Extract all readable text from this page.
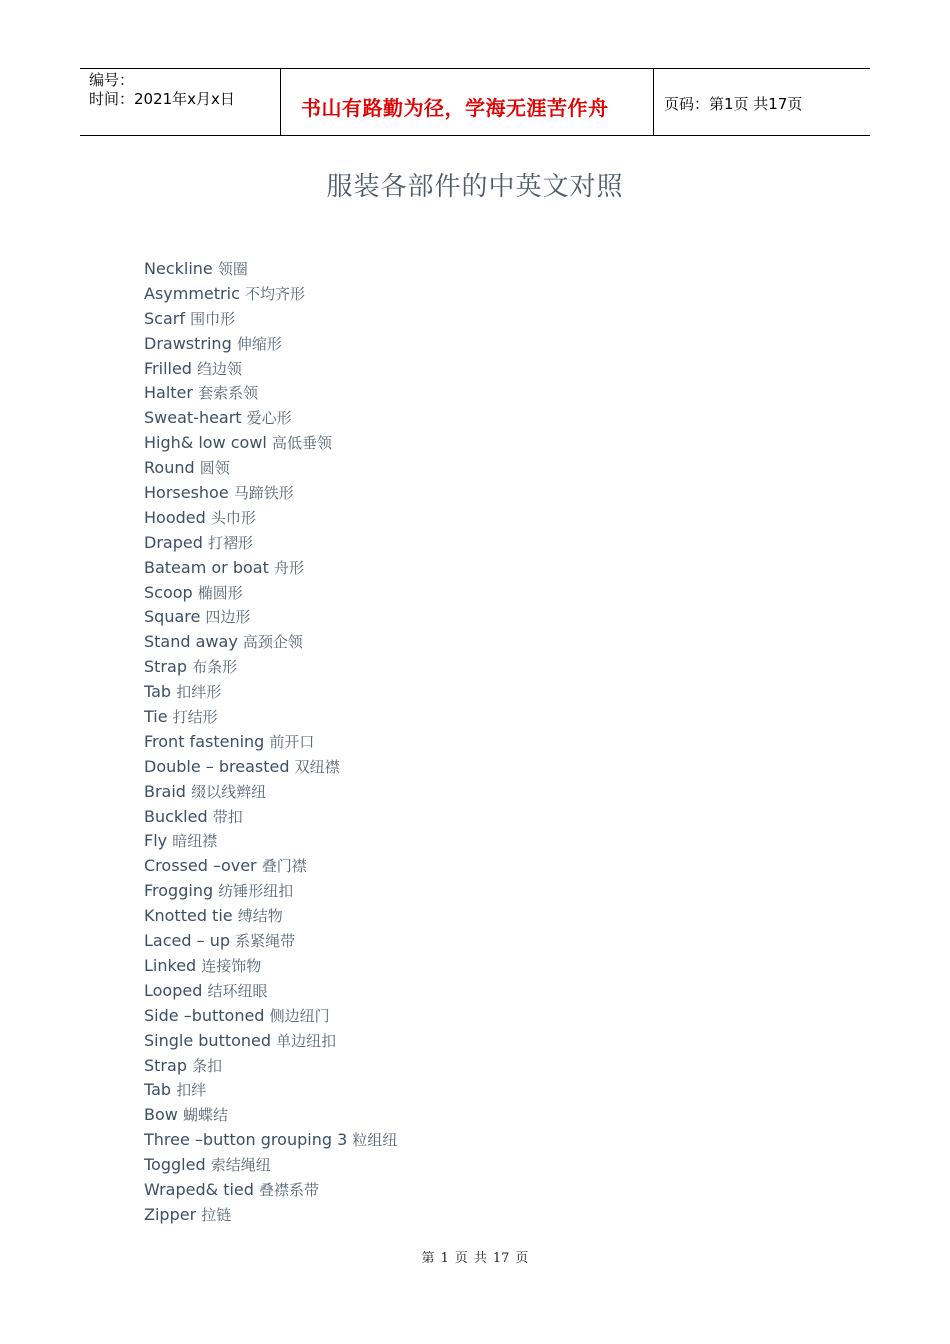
编号：
时间：2021年x月x日	书山有路勤为径，学海无涯苦作舟	页码：第1页 共17页
服装各部件的中英文对照
Neckline 领圈
Asymmetric 不均齐形
Scarf 围巾形
Drawstring 伸缩形
Frilled 绉边领
Halter 套索系领
Sweat-heart 爱心形
High& low cowl 高低垂领
Round 圆领
Horseshoe 马蹄铁形
Hooded 头巾形
Draped 打褶形
Bateam or boat 舟形
Scoop 椭圆形
Square 四边形
Stand away 高颈企领
Strap 布条形
Tab 扣绊形
Tie 打结形
Front fastening 前开口
Double – breasted 双纽襟
Braid 缀以线辫纽
Buckled 带扣
Fly 暗纽襟
Crossed –over 叠门襟
Frogging 纺锤形纽扣
Knotted tie 缚结物
Laced – up 系紧绳带
Linked 连接饰物
Looped 结环纽眼
Side –buttoned 侧边纽门
Single buttoned 单边纽扣
Strap 条扣
Tab 扣绊
Bow 蝴蝶结
Three –button grouping 3 粒组纽
Toggled 索结绳纽
Wraped& tied 叠襟系带
Zipper 拉链
第 1 页 共 17 页
